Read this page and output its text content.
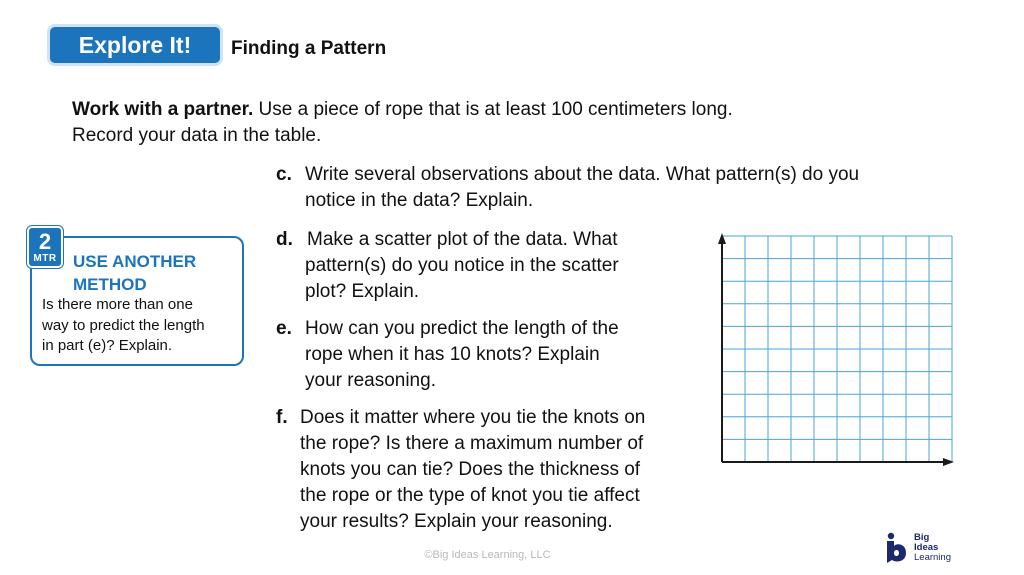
Explore It! Finding a Pattern
Work with a partner. Use a piece of rope that is at least 100 centimeters long.
Record your data in the table.
c. Write several observations about the data. What pattern(s) do you
notice in the data? Explain.
d. Make a scatter plot of the data. What
pattern(s) do you notice in the scatter
plot? Explain.
e. How can you predict the length of the
rope when it has 10 knots? Explain
your reasoning.
f. Does it matter where you tie the knots on
the rope? Is there a maximum number of
knots you can tie? Does the thickness of
the rope or the type of knot you tie affect
your results? Explain your reasoning.
2
MTR USE ANOTHER
METHOD
Is there more than one
way to predict the length
in part (e)? Explain.
©Big Ideas Learning, LLC
Big
Ideas
Learning
